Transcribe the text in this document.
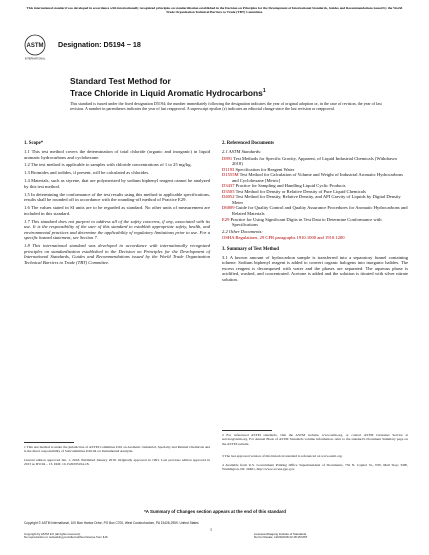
This international standard was developed in accordance with internationally recognized principles on standardization established in the Decision on Principles for the Development of International Standards, Guides and Recommendations issued by the World Trade Organization Technical Barriers to Trade (TBT) Committee.
ASTM
INTERNATIONAL
Designation: D5194 − 18
Standard Test Method for
Trace Chloride in Liquid Aromatic Hydrocarbons$^1$
This standard is issued under the fixed designation D5194; the number immediately following the designation indicates the year of original adoption or, in the case of revision, the year of last revision. A number in parentheses indicates the year of last reapproval. A superscript epsilon (ε) indicates an editorial change since the last revision or reapproval.
1. Scope*

1.1 This test method covers the determination of total chloride (organic and inorganic) in liquid aromatic hydrocarbons and cyclohexane.

1.2 The test method is applicable to samples with chloride concentrations of 1 to 25 mg/kg.

1.3 Bromides and iodides, if present, will be calculated as chlorides.

1.4 Materials, such as styrene, that are polymerized by sodium biphenyl reagent cannot be analyzed by this test method.

1.5 In determining the conformance of the test results using this method to applicable specifications, results shall be rounded off in accordance with the rounding-off method of Practice E29.

1.6 The values stated in SI units are to be regarded as standard. No other units of measurement are included in this standard.

1.7 This standard does not purport to address all of the safety concerns, if any, associated with its use. It is the responsibility of the user of this standard to establish appropriate safety, health, and environmental practices and determine the applicability of regulatory limitations prior to use. For a specific hazard statement, see Section 7.

1.8 This international standard was developed in accordance with internationally recognized principles on standardization established in the Decision on Principles for the Development of International Standards, Guides and Recommendations issued by the World Trade Organization Technical Barriers to Trade (TBT) Committee.

1 This test method is under the jurisdiction of ASTM Committee D16 on Aromatic, Industrial, Specialty and Related Chemicals and is the direct responsibility of Subcommittee D16.04 on Instrumental Analysis.
Current edition approved Jan. 1, 2018. Published January 2018. Originally approved in 1991. Last previous edition approved in 2013 as D5194 – 13. DOI: 10.1520/D5194-18.
2. Referenced Documents
2.1 ASTM Standards:
D891 Test Methods for Specific Gravity, Apparent, of Liquid Industrial Chemicals (Withdrawn 2018)
D1193 Specification for Reagent Water
D1555M Test Method for Calculation of Volume and Weight of Industrial Aromatic Hydrocarbons and Cyclohexane [Metric]
D3437 Practice for Sampling and Handling Liquid Cyclic Products
D3505 Test Method for Density or Relative Density of Pure Liquid Chemicals
D4052 Test Method for Density, Relative Density, and API Gravity of Liquids by Digital Density Meter
D6809 Guide for Quality Control and Quality Assurance Procedures for Aromatic Hydrocarbons and Related Materials
E29 Practice for Using Significant Digits in Test Data to Determine Conformance with Specifications
2.2 Other Documents:
OSHA Regulations, 29 CFR paragraphs 1910.1000 and 1910.1200
3. Summary of Test Method

3.1 A known amount of hydrocarbon sample is transferred into a separatory funnel containing toluene. Sodium biphenyl reagent is added to convert organic halogens into inorganic halides. The excess reagent is decomposed with water and the phases are separated. The aqueous phase is acidified, washed, and concentrated. Acetone is added and the solution is titrated with silver nitrate solution.

2 For referenced ASTM standards, visit the ASTM website, www.astm.org, or contact ASTM Customer Service at service@astm.org. For Annual Book of ASTM Standards volume information, refer to the standard's Document Summary page on the ASTM website.
3 The last approved version of this historical standard is referenced on www.astm.org.
4 Available from U.S. Government Printing Office Superintendent of Documents, 732 N. Capitol St., NW, Mail Stop: SDE, Washington, DC 20401, http://www.access.gpo.gov.
*A Summary of Changes section appears at the end of this standard
Copyright © ASTM International, 100 Barr Harbor Drive, PO Box C700, West Conshohocken, PA 19428-2959. United States
1
Copyright by ASTM Int'l (all rights reserved);
No reproduction or networking permitted without license from IHS
Licensee=Daejung Institute of Standards
Not for Resale, 12/20/2018 22:18:18 MST
